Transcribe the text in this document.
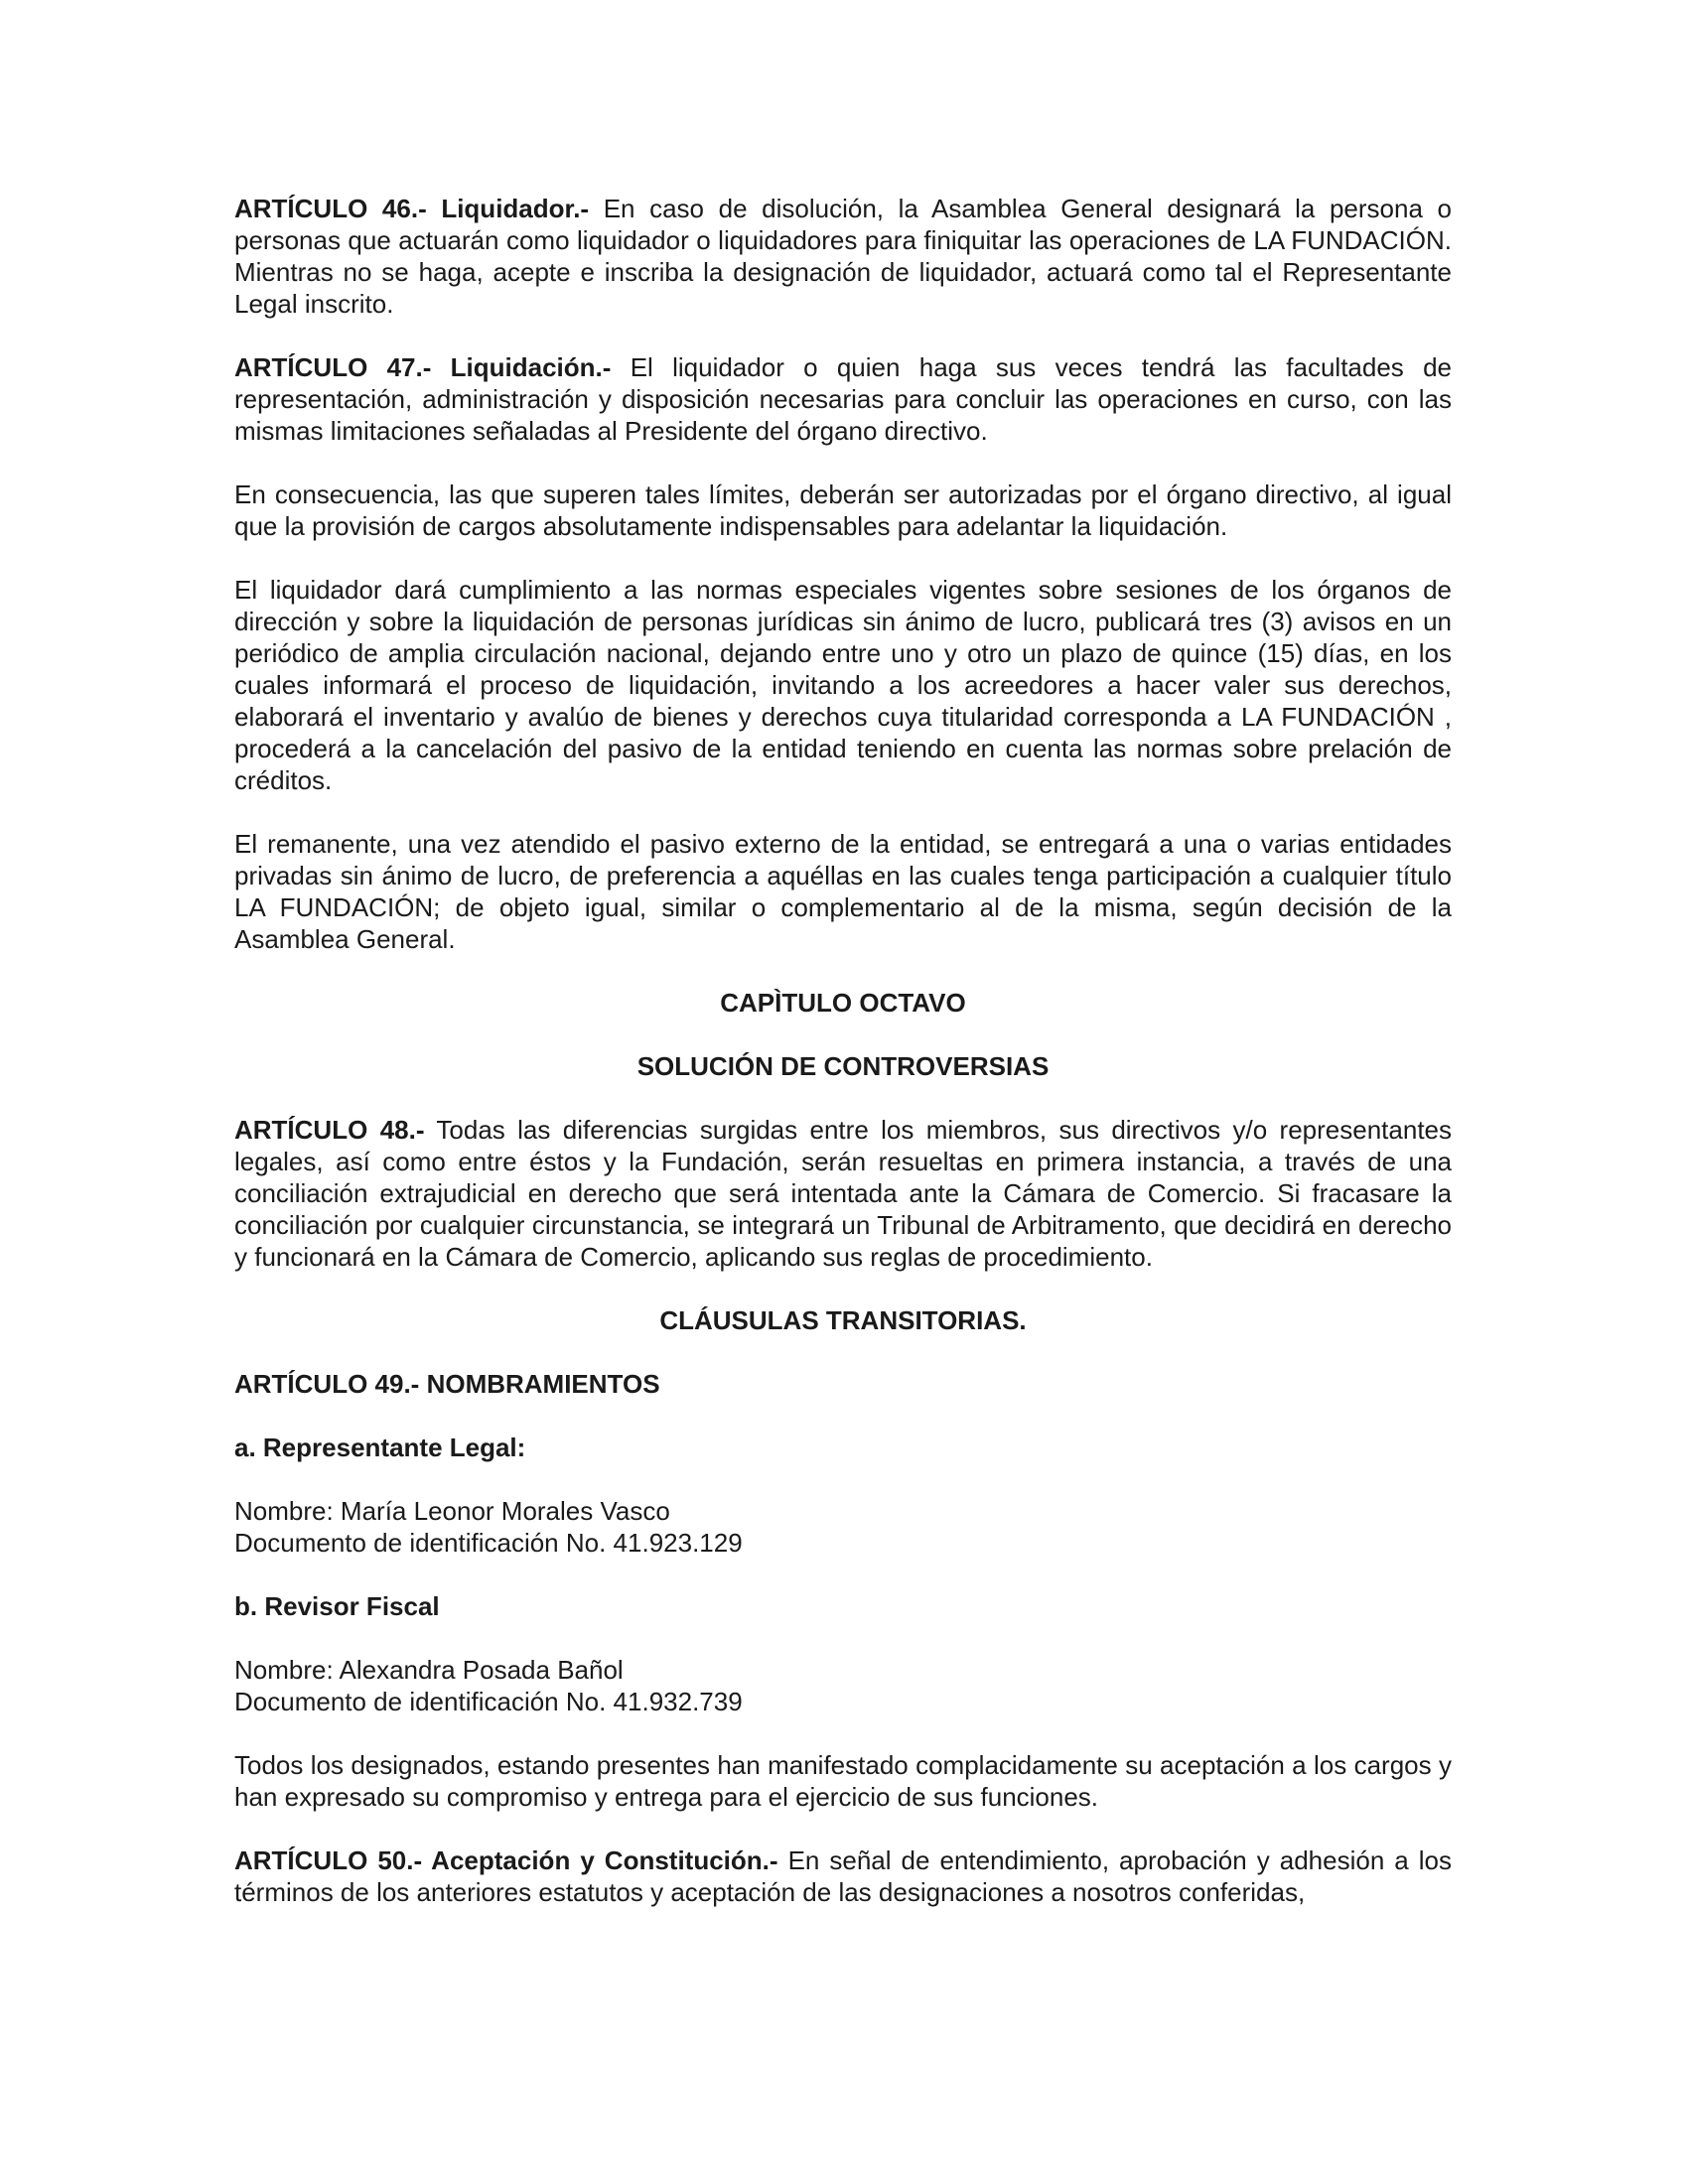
ARTÍCULO 46.- Liquidador.- En caso de disolución, la Asamblea General designará la persona o personas que actuarán como liquidador o liquidadores para finiquitar las operaciones de LA FUNDACIÓN. Mientras no se haga, acepte e inscriba la designación de liquidador, actuará como tal el Representante Legal inscrito.

ARTÍCULO 47.- Liquidación.- El liquidador o quien haga sus veces tendrá las facultades de representación, administración y disposición necesarias para concluir las operaciones en curso, con las mismas limitaciones señaladas al Presidente del órgano directivo.

En consecuencia, las que superen tales límites, deberán ser autorizadas por el órgano directivo, al igual que la provisión de cargos absolutamente indispensables para adelantar la liquidación.

El liquidador dará cumplimiento a las normas especiales vigentes sobre sesiones de los órganos de dirección y sobre la liquidación de personas jurídicas sin ánimo de lucro, publicará tres (3) avisos en un periódico de amplia circulación nacional, dejando entre uno y otro un plazo de quince (15) días, en los cuales informará el proceso de liquidación, invitando a los acreedores a hacer valer sus derechos, elaborará el inventario y avalúo de bienes y derechos cuya titularidad corresponda a LA FUNDACIÓN , procederá a la cancelación del pasivo de la entidad teniendo en cuenta las normas sobre prelación de créditos.

El remanente, una vez atendido el pasivo externo de la entidad, se entregará a una o varias entidades privadas sin ánimo de lucro, de preferencia a aquéllas en las cuales tenga participación a cualquier título LA FUNDACIÓN; de objeto igual, similar o complementario al de la misma, según decisión de la Asamblea General.

CAPÌTULO OCTAVO

SOLUCIÓN DE CONTROVERSIAS

ARTÍCULO 48.- Todas las diferencias surgidas entre los miembros, sus directivos y/o representantes legales, así como entre éstos y la Fundación, serán resueltas en primera instancia, a través de una conciliación extrajudicial en derecho que será intentada ante la Cámara de Comercio. Si fracasare la conciliación por cualquier circunstancia, se integrará un Tribunal de Arbitramento, que decidirá en derecho y funcionará en la Cámara de Comercio, aplicando sus reglas de procedimiento.

CLÁUSULAS TRANSITORIAS.

ARTÍCULO 49.- NOMBRAMIENTOS

a. Representante Legal:

Nombre: María Leonor Morales Vasco
Documento de identificación No. 41.923.129

b. Revisor Fiscal

Nombre: Alexandra Posada Bañol
Documento de identificación No. 41.932.739

Todos los designados, estando presentes han manifestado complacidamente su aceptación a los cargos y han expresado su compromiso y entrega para el ejercicio de sus funciones.

ARTÍCULO 50.- Aceptación y Constitución.- En señal de entendimiento, aprobación y adhesión a los términos de los anteriores estatutos y aceptación de las designaciones a nosotros conferidas,
